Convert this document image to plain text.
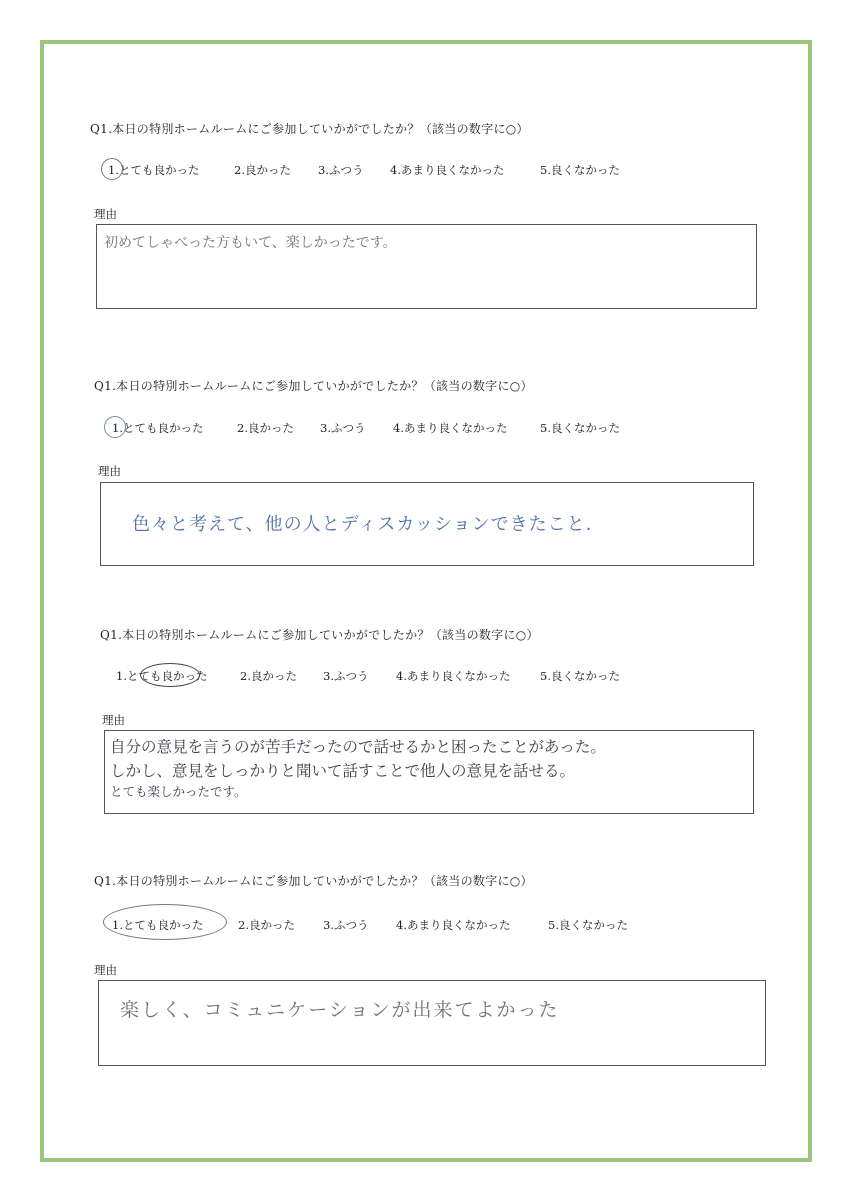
Q1.本日の特別ホームルームにご参加していかがでしたか？（該当の数字に○）
1.とても良かった	2.良かった 3.ふつう 4.あまり良くなかった	5.良くなかった
理由
初めてしゃべった方もいて、楽しかったです。
Q1.本日の特別ホームルームにご参加していかがでしたか？（該当の数字に○）
1.とても良かった	2.良かった 3.ふつう 4.あまり良くなかった	5.良くなかった
理由
色々と考えて、他の人とディスカッションできたこと.
Q1.本日の特別ホームルームにご参加していかがでしたか？（該当の数字に○）
1.とても良かった	2.良かった 3.ふつう 4.あまり良くなかった	5.良くなかった
理由
自分の意見を言うのが苦手だったので話せるかと困ったことがあった。
しかし、意見をしっかりと聞いて話すことで他人の意見を話せる。
とても楽しかったです。
Q1.本日の特別ホームルームにご参加していかがでしたか？（該当の数字に○）
1.とても良かった	2.良かった 3.ふつう 4.あまり良くなかった	5.良くなかった
理由
楽しく、コミュニケーションが出来てよかった
